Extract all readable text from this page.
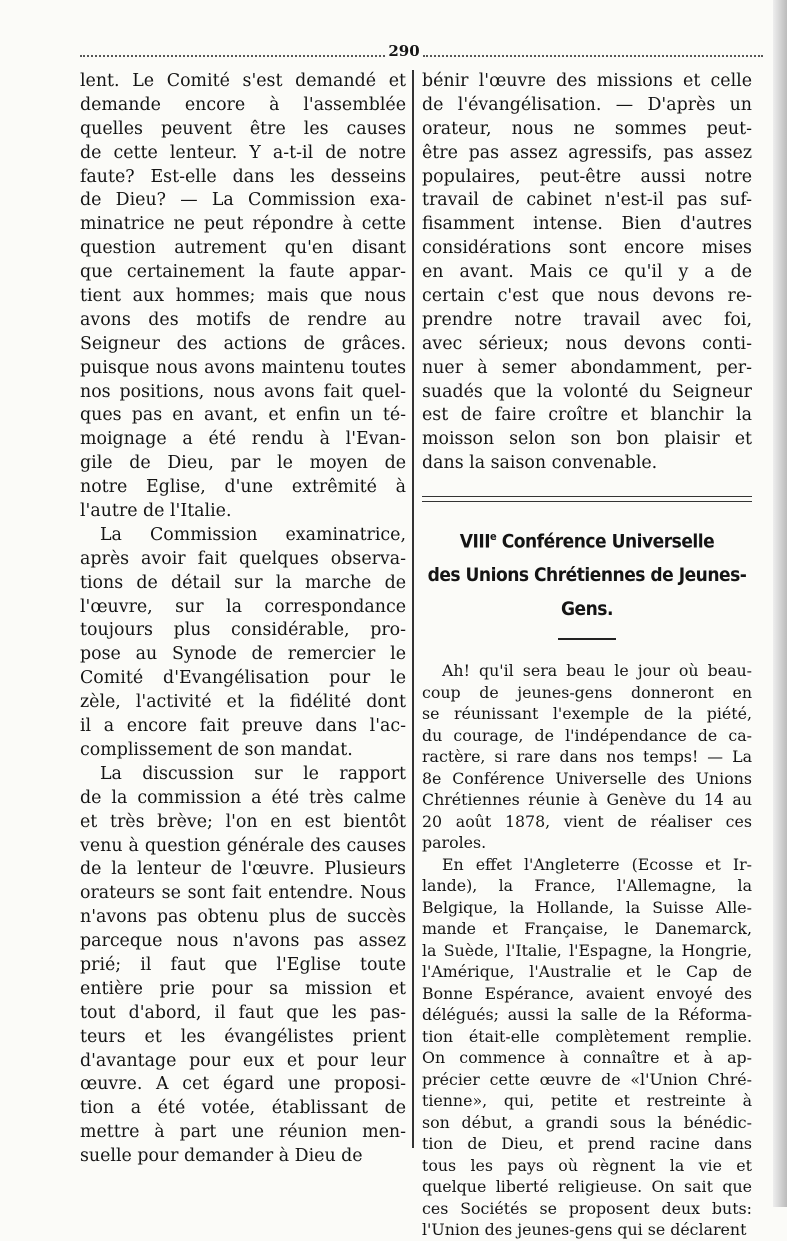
290

lent. Le Comité s'est demandé et
demande encore à l'assemblée
quelles peuvent être les causes
de cette lenteur. Y a-t-il de notre
faute? Est-elle dans les desseins
de Dieu? — La Commission exa-
minatrice ne peut répondre à cette
question autrement qu'en disant
que certainement la faute appar-
tient aux hommes; mais que nous
avons des motifs de rendre au
Seigneur des actions de grâces.
puisque nous avons maintenu toutes
nos positions, nous avons fait quel-
ques pas en avant, et enfin un té-
moignage a été rendu à l'Evan-
gile de Dieu, par le moyen de
notre Eglise, d'une extrêmité à
l'autre de l'Italie.

La Commission examinatrice,
après avoir fait quelques observa-
tions de détail sur la marche de
l'œuvre, sur la correspondance
toujours plus considérable, pro-
pose au Synode de remercier le
Comité d'Evangélisation pour le
zèle, l'activité et la fidélité dont
il a encore fait preuve dans l'ac-
complissement de son mandat.

La discussion sur le rapport
de la commission a été très calme
et très brève; l'on en est bientôt
venu à question générale des causes
de la lenteur de l'œuvre. Plusieurs
orateurs se sont fait entendre. Nous
n'avons pas obtenu plus de succès
parceque nous n'avons pas assez
prié; il faut que l'Eglise toute
entière prie pour sa mission et
tout d'abord, il faut que les pas-
teurs et les évangélistes prient
d'avantage pour eux et pour leur
œuvre. A cet égard une proposi-
tion a été votée, établissant de
mettre à part une réunion men-
suelle pour demander à Dieu de

bénir l'œuvre des missions et celle
de l'évangélisation. — D'après un
orateur, nous ne sommes peut-
être pas assez agressifs, pas assez
populaires, peut-être aussi notre
travail de cabinet n'est-il pas suf-
fisamment intense. Bien d'autres
considérations sont encore mises
en avant. Mais ce qu'il y a de
certain c'est que nous devons re-
prendre notre travail avec foi,
avec sérieux; nous devons conti-
nuer à semer abondamment, per-
suadés que la volonté du Seigneur
est de faire croître et blanchir la
moisson selon son bon plaisir et
dans la saison convenable.

VIIIe Conférence Universelle
des Unions Chrétiennes de Jeunes-Gens.

Ah! qu'il sera beau le jour où beau-
coup de jeunes-gens donneront en
se réunissant l'exemple de la piété,
du courage, de l'indépendance de ca-
ractère, si rare dans nos temps! — La
8e Conférence Universelle des Unions
Chrétiennes réunie à Genève du 14 au
20 août 1878, vient de réaliser ces
paroles.

En effet l'Angleterre (Ecosse et Ir-
lande), la France, l'Allemagne, la
Belgique, la Hollande, la Suisse Alle-
mande et Française, le Danemarck,
la Suède, l'Italie, l'Espagne, la Hongrie,
l'Amérique, l'Australie et le Cap de
Bonne Espérance, avaient envoyé des
délégués; aussi la salle de la Réforma-
tion était-elle complètement remplie.
On commence à connaître et à ap-
précier cette œuvre de «l'Union Chré-
tienne», qui, petite et restreinte à
son début, a grandi sous la bénédic-
tion de Dieu, et prend racine dans
tous les pays où règnent la vie et
quelque liberté religieuse. On sait que
ces Sociétés se proposent deux buts:
l'Union des jeunes-gens qui se déclarent
